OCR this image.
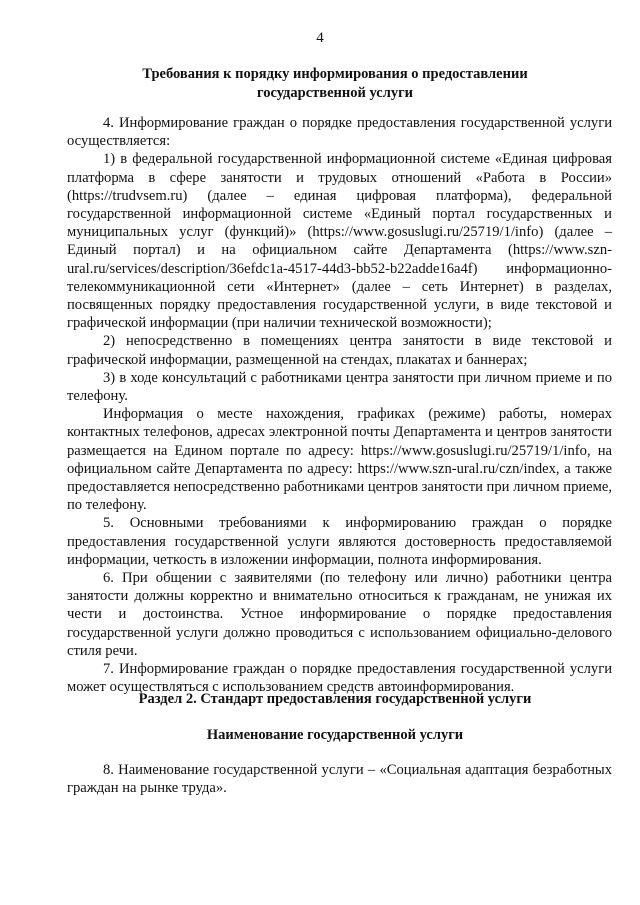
4
Требования к порядку информирования о предоставлении
государственной услуги

4. Информирование граждан о порядке предоставления государственной услуги осуществляется:

1) в федеральной государственной информационной системе «Единая цифровая платформа в сфере занятости и трудовых отношений «Работа в России» (https://trudvsem.ru) (далее – единая цифровая платформа), федеральной государственной информационной системе «Единый портал государственных и муниципальных услуг (функций)» (https://www.gosuslugi.ru/25719/1/info) (далее – Единый портал) и на официальном сайте Департамента (https://www.szn-ural.ru/services/description/36efdc1a-4517-44d3-bb52-b22adde16a4f) информационно-телекоммуникационной сети «Интернет» (далее – сеть Интернет) в разделах, посвященных порядку предоставления государственной услуги, в виде текстовой и графической информации (при наличии технической возможности);

2) непосредственно в помещениях центра занятости в виде текстовой и графической информации, размещенной на стендах, плакатах и баннерах;

3) в ходе консультаций с работниками центра занятости при личном приеме и по телефону.

Информация о месте нахождения, графиках (режиме) работы, номерах контактных телефонов, адресах электронной почты Департамента и центров занятости размещается на Едином портале по адресу: https://www.gosuslugi.ru/25719/1/info, на официальном сайте Департамента по адресу: https://www.szn-ural.ru/czn/index, а также предоставляется непосредственно работниками центров занятости при личном приеме, по телефону.

5. Основными требованиями к информированию граждан о порядке предоставления государственной услуги являются достоверность предоставляемой информации, четкость в изложении информации, полнота информирования.

6. При общении с заявителями (по телефону или лично) работники центра занятости должны корректно и внимательно относиться к гражданам, не унижая их чести и достоинства. Устное информирование о порядке предоставления государственной услуги должно проводиться с использованием официально-делового стиля речи.

7. Информирование граждан о порядке предоставления государственной услуги может осуществляться с использованием средств автоинформирования.

Раздел 2. Стандарт предоставления государственной услуги
Наименование государственной услуги

8. Наименование государственной услуги – «Социальная адаптация безработных граждан на рынке труда».
